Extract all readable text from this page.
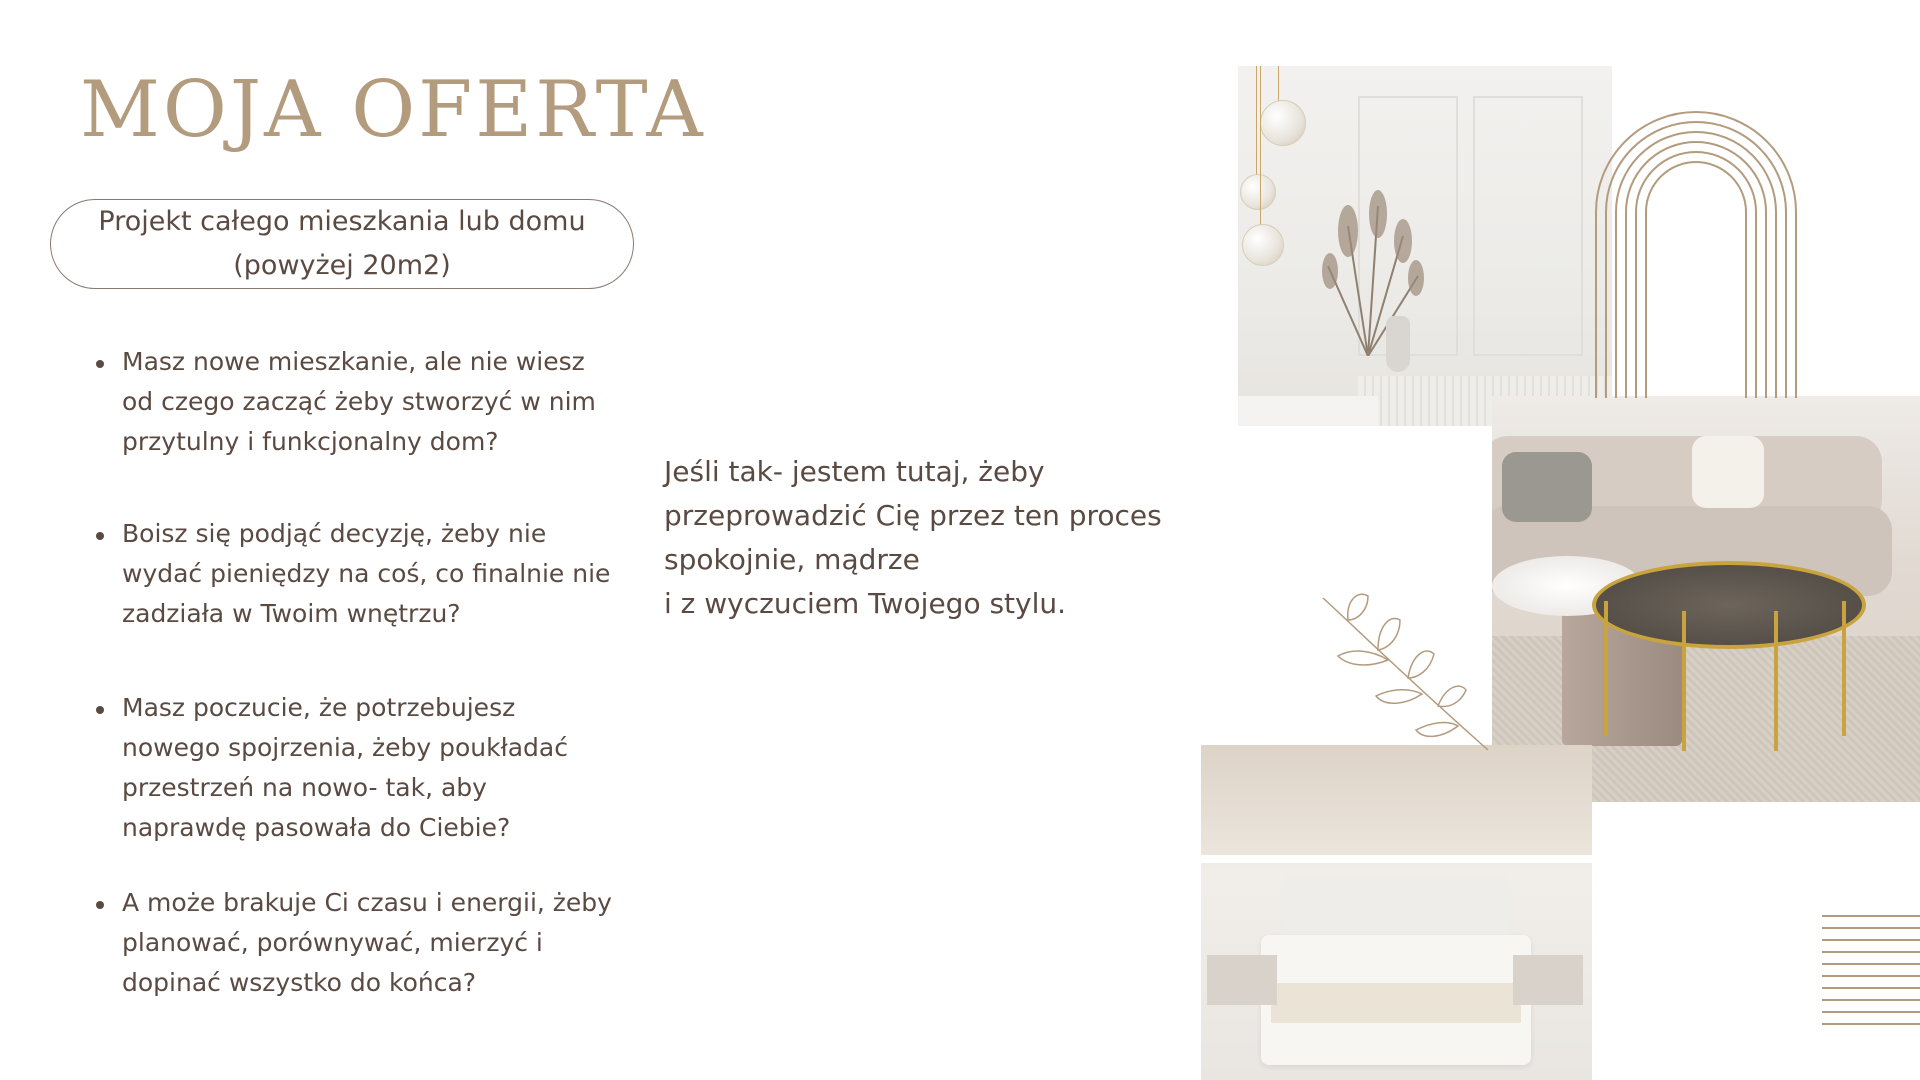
MOJA OFERTA
Projekt całego mieszkania lub domu
(powyżej 20m2)
Masz nowe mieszkanie, ale nie wiesz od czego zacząć żeby stworzyć w nim przytulny i funkcjonalny dom?
Boisz się podjąć decyzję, żeby nie wydać pieniędzy na coś, co finalnie nie zadziała w Twoim wnętrzu?
Masz poczucie, że potrzebujesz nowego spojrzenia, żeby poukładać przestrzeń na nowo- tak, aby naprawdę pasowała do Ciebie?
A może brakuje Ci czasu i energii, żeby planować, porównywać, mierzyć i dopinać wszystko do końca?
Jeśli tak- jestem tutaj, żeby
przeprowadzić Cię przez ten proces
spokojnie, mądrze
i z wyczuciem Twojego stylu.
